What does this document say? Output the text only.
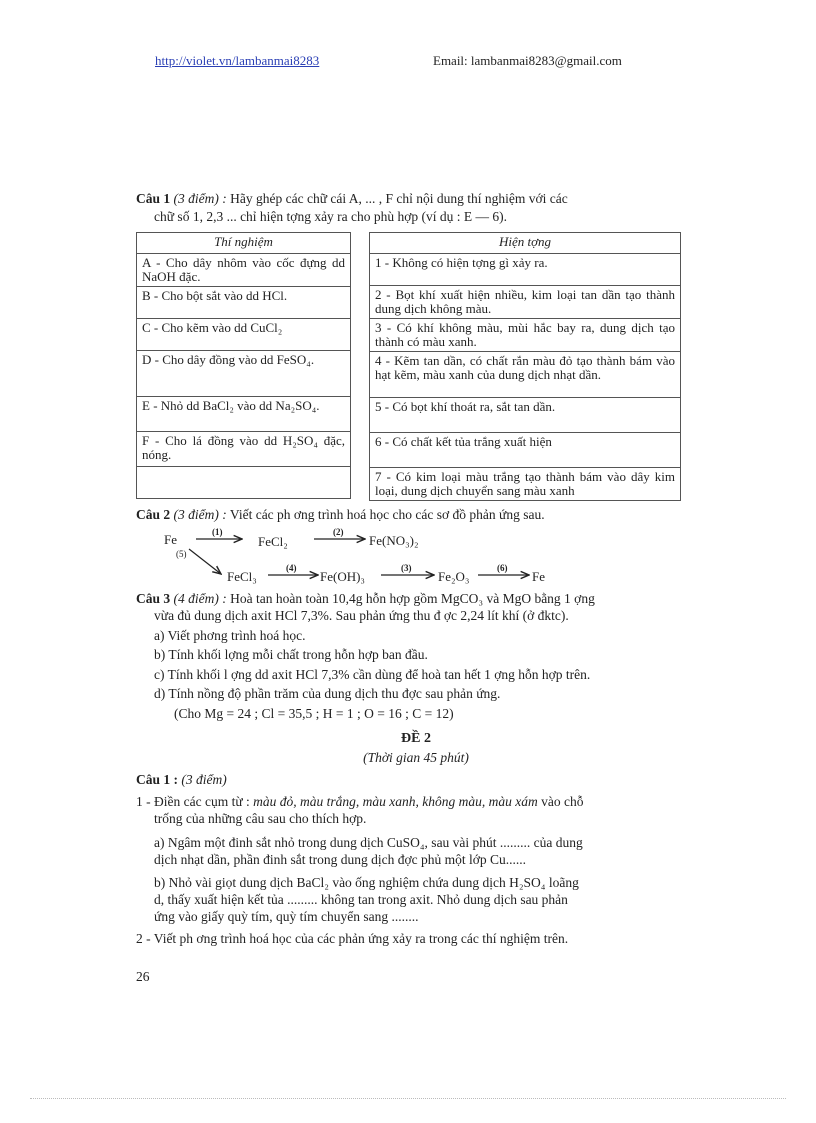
http://violet.vn/lambanmai8283	Email: lambanmai8283@gmail.com
Câu 1 (3 điểm) : Hãy ghép các chữ cái A, ... , F chỉ nội dung thí nghiệm với các
chữ số 1, 2,3 ... chỉ hiện tợng xảy ra cho phù hợp (ví dụ : E — 6).
Thí nghiệm
A - Cho dây nhôm vào cốc đựng dd NaOH đặc.
B - Cho bột sắt vào dd HCl.
C - Cho kẽm vào dd CuCl₂
D - Cho dây đồng vào dd FeSO₄.
E - Nhỏ dd BaCl₂ vào dd Na₂SO₄.
F - Cho lá đồng vào dd H₂SO₄ đặc, nóng.

Hiện tợng
1 - Không có hiện tợng gì xảy ra.
2 - Bọt khí xuất hiện nhiều, kim loại tan dần tạo thành dung dịch không màu.
3 - Có khí không màu, mùi hắc bay ra, dung dịch tạo thành có màu xanh.
4 - Kẽm tan dần, có chất rắn màu đỏ tạo thành bám vào hạt kẽm, màu xanh của dung dịch nhạt dần.
5 - Có bọt khí thoát ra, sắt tan dần.
6 - Có chất kết tủa trắng xuất hiện
7 - Có kim loại màu trắng tạo thành bám vào dây kim loại, dung dịch chuyển sang màu xanh
Câu 2 (3 điểm) : Viết các ph ơng trình hoá học cho các sơ đồ phản ứng sau.
Fe	FeCl₂	Fe(NO₃)₂
FeCl₃	Fe(OH)₃	Fe₂O₃	Fe
(1)	(2)
(5)
(4)	(3)	(6)
Câu 3 (4 điểm) : Hoà tan hoàn toàn 10,4g hỗn hợp gồm MgCO₃ và MgO bằng 1 ợng
vừa đủ dung dịch axit HCl 7,3%. Sau phản ứng thu đ ợc 2,24 lít khí (ở đktc).
a) Viết phơng trình hoá học.
b) Tính khối lợng mỗi chất trong hỗn hợp ban đầu.
c) Tính khối l ợng dd axit HCl 7,3% cần dùng để hoà tan hết 1 ợng hỗn hợp trên.
d) Tính nồng độ phần trăm của dung dịch thu đợc sau phản ứng.
(Cho Mg = 24 ; Cl = 35,5 ; H = 1 ; O = 16 ; C = 12)
ĐỀ 2
(Thời gian 45 phút)
Câu 1 : (3 điểm)
1 - Điền các cụm từ : màu đỏ, màu trắng, màu xanh, không màu, màu xám vào chỗ
trống của những câu sau cho thích hợp.
a) Ngâm một đinh sắt nhỏ trong dung dịch CuSO₄, sau vài phút ......... của dung
dịch nhạt dần, phần đinh sắt trong dung dịch đợc phủ một lớp Cu......
b) Nhỏ vài giọt dung dịch BaCl₂ vào ống nghiệm chứa dung dịch H₂SO₄ loãng
d, thấy xuất hiện kết tủa ......... không tan trong axit. Nhỏ dung dịch sau phản
ứng vào giấy quỳ tím, quỳ tím chuyển sang ........
2 - Viết ph ơng trình hoá học của các phản ứng xảy ra trong các thí nghiệm trên.
26
